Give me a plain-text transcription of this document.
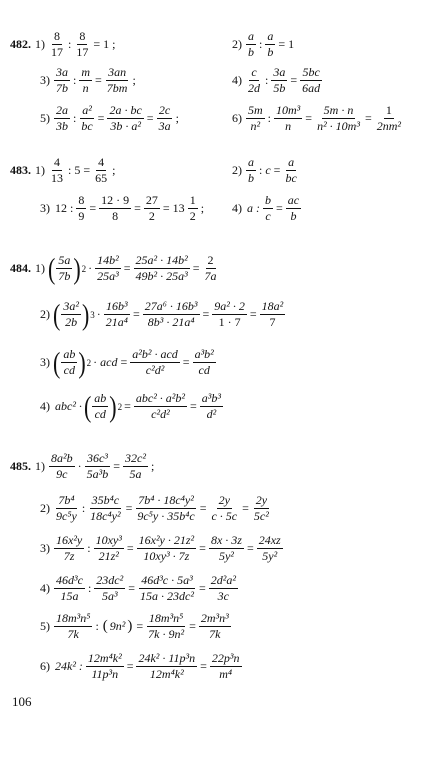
482. $1) \frac{8}{17}$ : $\frac{8}{17} = 1$ ;	$2) \frac{a}{b}$ : $\frac{a}{b} = 1$
$3) \frac{3a}{7b}$ : $\frac{m}{n} = \frac{3an}{7bm}$ ;	$4) \frac{c}{2d}$ : $\frac{3a}{5b} = \frac{5bc}{6ad}$
$5) \frac{2a}{3b}$ : $\frac{\text{a²}}{bc} = \frac{2a \cdot bc}{\text{3b · a²}} = \frac{2c}{3a}$ ;	$6) \frac{5m}{\text{n²}}$ : $\frac{\text{10m³}}{n} = \frac{5m \cdot n}{\text{n² · 10m³}} = \frac{1}{\text{2nm²}}$
483. $1) \frac{4}{13}$ : $5 = \frac{4}{65}$ ;	$2) \frac{a}{b}$ : $c = \frac{a}{bc}$
3) 12 : $\frac{8}{9} = \frac{12 \cdot 9}{8} = \frac{27}{2} = 13 \frac{1}{2}$ ; 4) a : $\frac{b}{c} = \frac{ac}{b}$
484. 1) ( $\frac{5a}{7b}$ ) $2 \cdot \frac{\text{14b²}}{\text{25a³}} = \frac{\text{25a² · 14b²}}{\text{49b² · 25a³}} = \frac{2}{7a}$
2) ( $\frac{\text{3a²}}{2b}$ ) $3 \cdot \frac{\text{16b³}}{\text{21a⁴}} = \frac{\text{27a⁶ · 16b³}}{\text{8b³ · 21a⁴}} = \frac{\text{9a² · 2}}{1 \cdot 7} = \frac{\text{18a²}}{7}$
3) ( $\frac{ab}{cd}$ ) 2 · acd = $\frac{\text{a²b² · acd}}{\text{c²d²}} = \frac{\text{a³b²}}{cd}$
4) abc² · ( $\frac{ab}{cd}$ ) $2 = \frac{\text{abc² · a²b²}}{\text{c²d²}} = \frac{\text{a³b³}}{\text{d²}}$
485. $1) \frac{\text{8a²b}}{9c} \cdot \frac{\text{36c³}}{\text{5a³b}} = \frac{\text{32c²}}{5a}$ ;
$2) \frac{\text{7b⁴}}{\text{9c⁵y}}$ : $\frac{\text{35b⁴c}}{\text{18c⁴y²}} = \frac{\text{7b⁴ · 18c⁴y²}}{\text{9c⁵y · 35b⁴c}} = \frac{2y}{c \cdot 5c} = \frac{2y}{\text{5c²}}$
$3) \frac{\text{16x²y}}{7z}$ : $\frac{\text{10xy³}}{\text{21z²}} = \frac{\text{16x²y · 21z²}}{\text{10xy³ · 7z}} = \frac{8x \cdot 3z}{\text{5y²}} = \frac{24xz}{\text{5y²}}$
$4) \frac{\text{46d³c}}{15a}$ : $\frac{\text{23dc²}}{\text{5a³}} = \frac{\text{46d³c · 5a³}}{\text{15a · 23dc²}} = \frac{\text{2d²a²}}{3c}$
$5) \frac{\text{18m³n⁵}}{7k}$ : ( 9n² ) = $\frac{\text{18m³n⁵}}{\text{7k · 9n²}} = \frac{\text{2m³n³}}{7k}$
6) 24k² : $\frac{\text{12m⁴k²}}{\text{11p³n}} = \frac{\text{24k² · 11p³n}}{\text{12m⁴k²}} = \frac{\text{22p³n}}{\text{m⁴}}$
106
